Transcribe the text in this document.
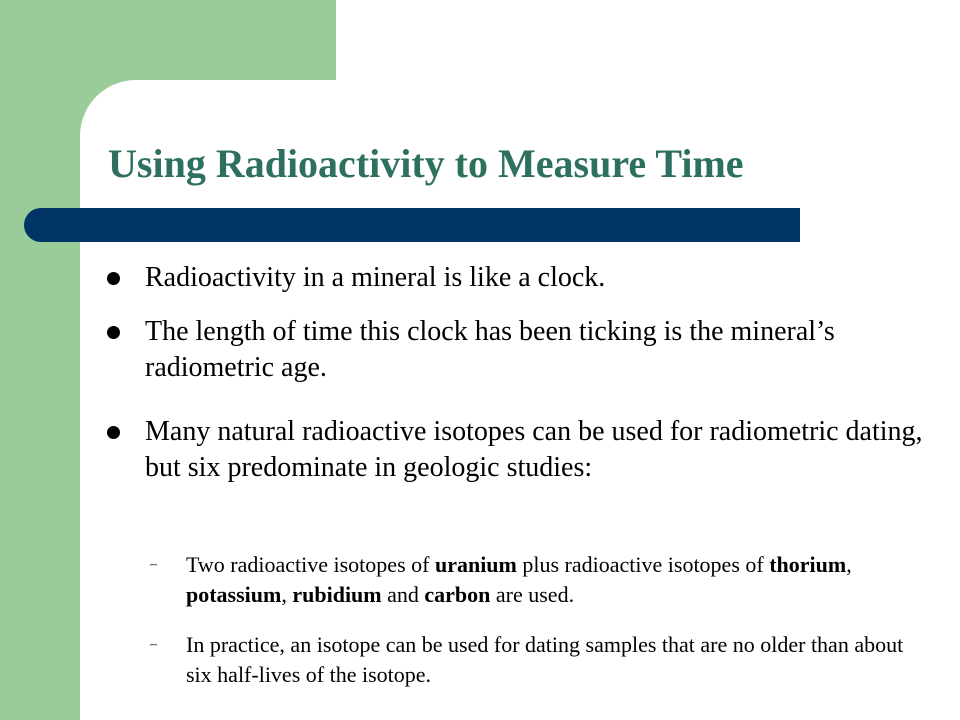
Using Radioactivity to Measure Time
Radioactivity in a mineral is like a clock.
The length of time this clock has been ticking is the mineral’s radiometric age.
Many natural radioactive isotopes can be used for radiometric dating, but six predominate in geologic studies:
– Two radioactive isotopes of uranium plus radioactive isotopes of thorium, potassium, rubidium and carbon are used.
– In practice, an isotope can be used for dating samples that are no older than about six half-lives of the isotope.
